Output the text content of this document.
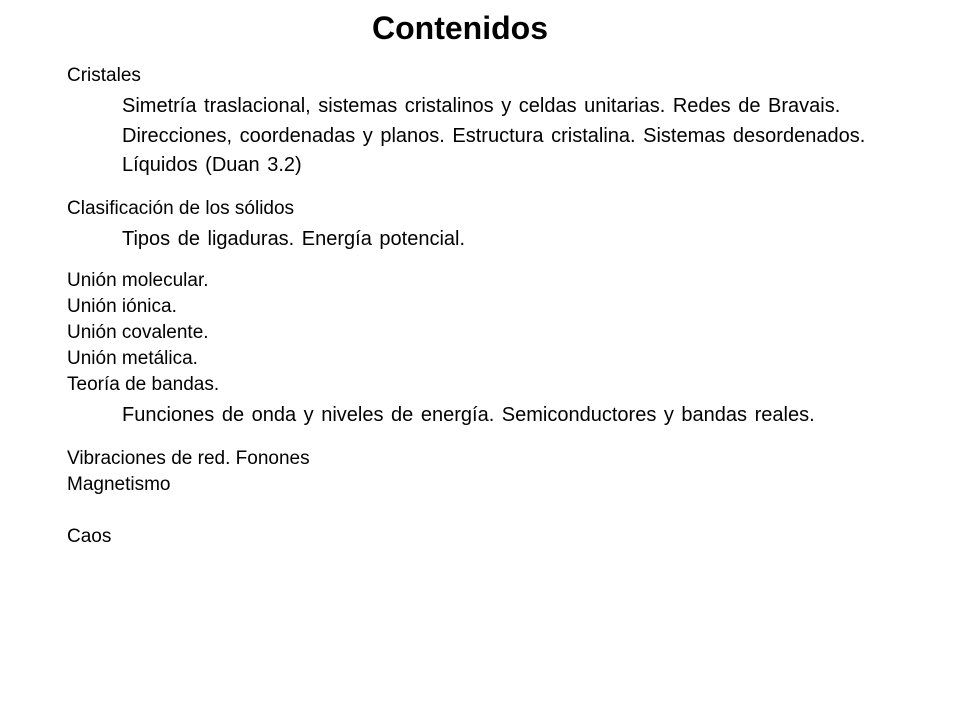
Contenidos

Cristales

Simetría traslacional, sistemas cristalinos y celdas unitarias. Redes de Bravais. Direcciones, coordenadas y planos. Estructura cristalina. Sistemas desordenados. Líquidos (Duan 3.2)

Clasificación de los sólidos

Tipos de ligaduras. Energía potencial.

Unión molecular.

Unión iónica.

Unión covalente.

Unión metálica.

Teoría de bandas.

Funciones de onda y niveles de energía. Semiconductores y bandas reales.

Vibraciones de red. Fonones

Magnetismo

Caos
